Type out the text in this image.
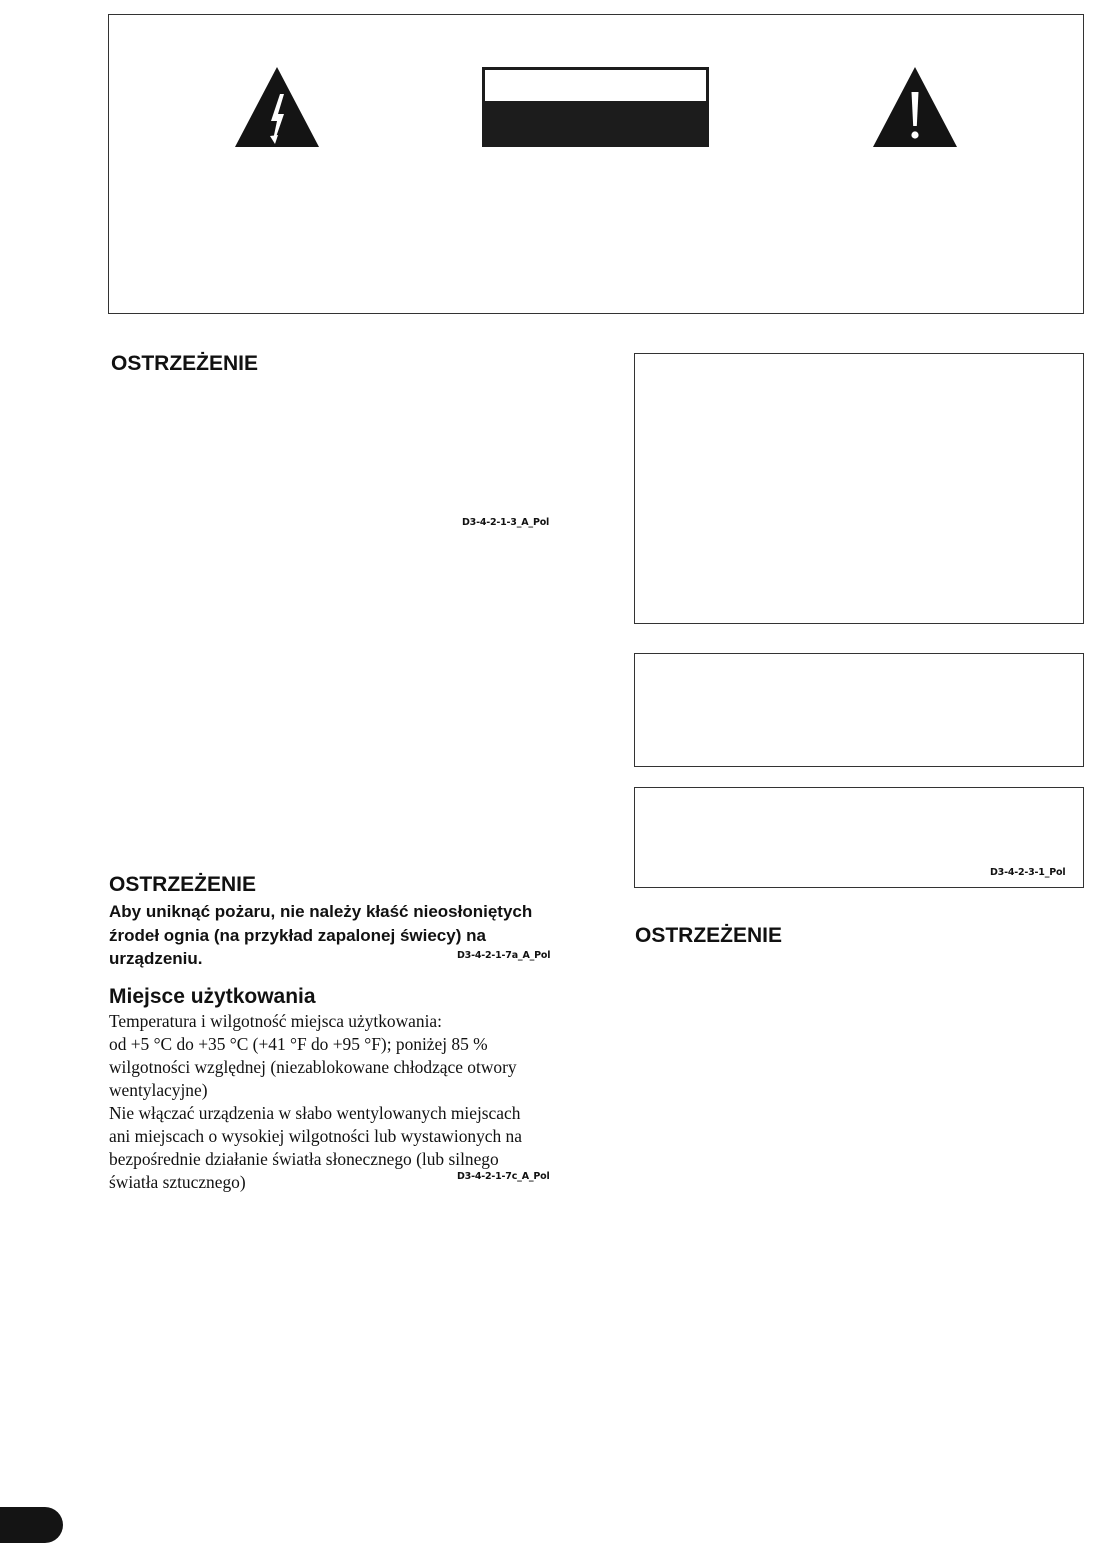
OSTRZEŻENIE
D3-4-2-1-3_A_Pol
OSTRZEŻENIE

Aby uniknąć pożaru, nie należy kłaść nieosłoniętych źrodeł ognia (na przykład zapalonej świecy) na urządzeniu.	D3-4-2-1-7a_A_Pol
Miejsce użytkowania

Temperatura i wilgotność miejsca użytkowania:
od +5 °C do +35 °C (+41 °F do +95 °F); poniżej 85 %
wilgotności względnej (niezablokowane chłodzące otwory
wentylacyjne)
Nie włączać urządzenia w słabo wentylowanych miejscach
ani miejscach o wysokiej wilgotności lub wystawionych na
bezpośrednie działanie światła słonecznego (lub silnego
światła sztucznego)	D3-4-2-1-7c_A_Pol
D3-4-2-3-1_Pol
OSTRZEŻENIE
